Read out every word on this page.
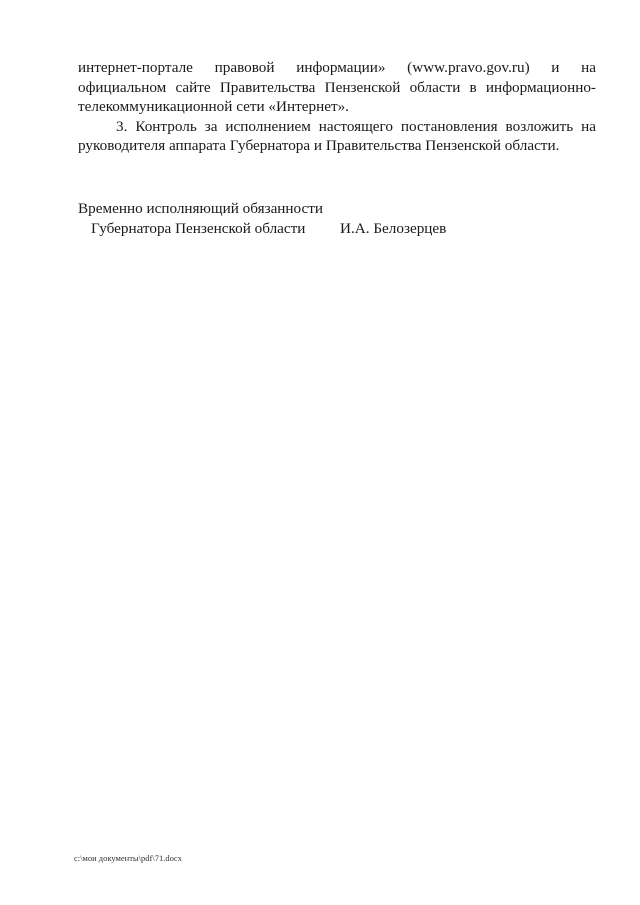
интернет-портале правовой информации» (www.pravo.gov.ru) и на официальном сайте Правительства Пензенской области в информационно-телекоммуникационной сети «Интернет».

3. Контроль за исполнением настоящего постановления возложить на руководителя аппарата Губернатора и Правительства Пензенской области.

Временно исполняющий обязанности
Губернатора Пензенской области	И.А. Белозерцев
c:\мои документы\pdf\71.docx
